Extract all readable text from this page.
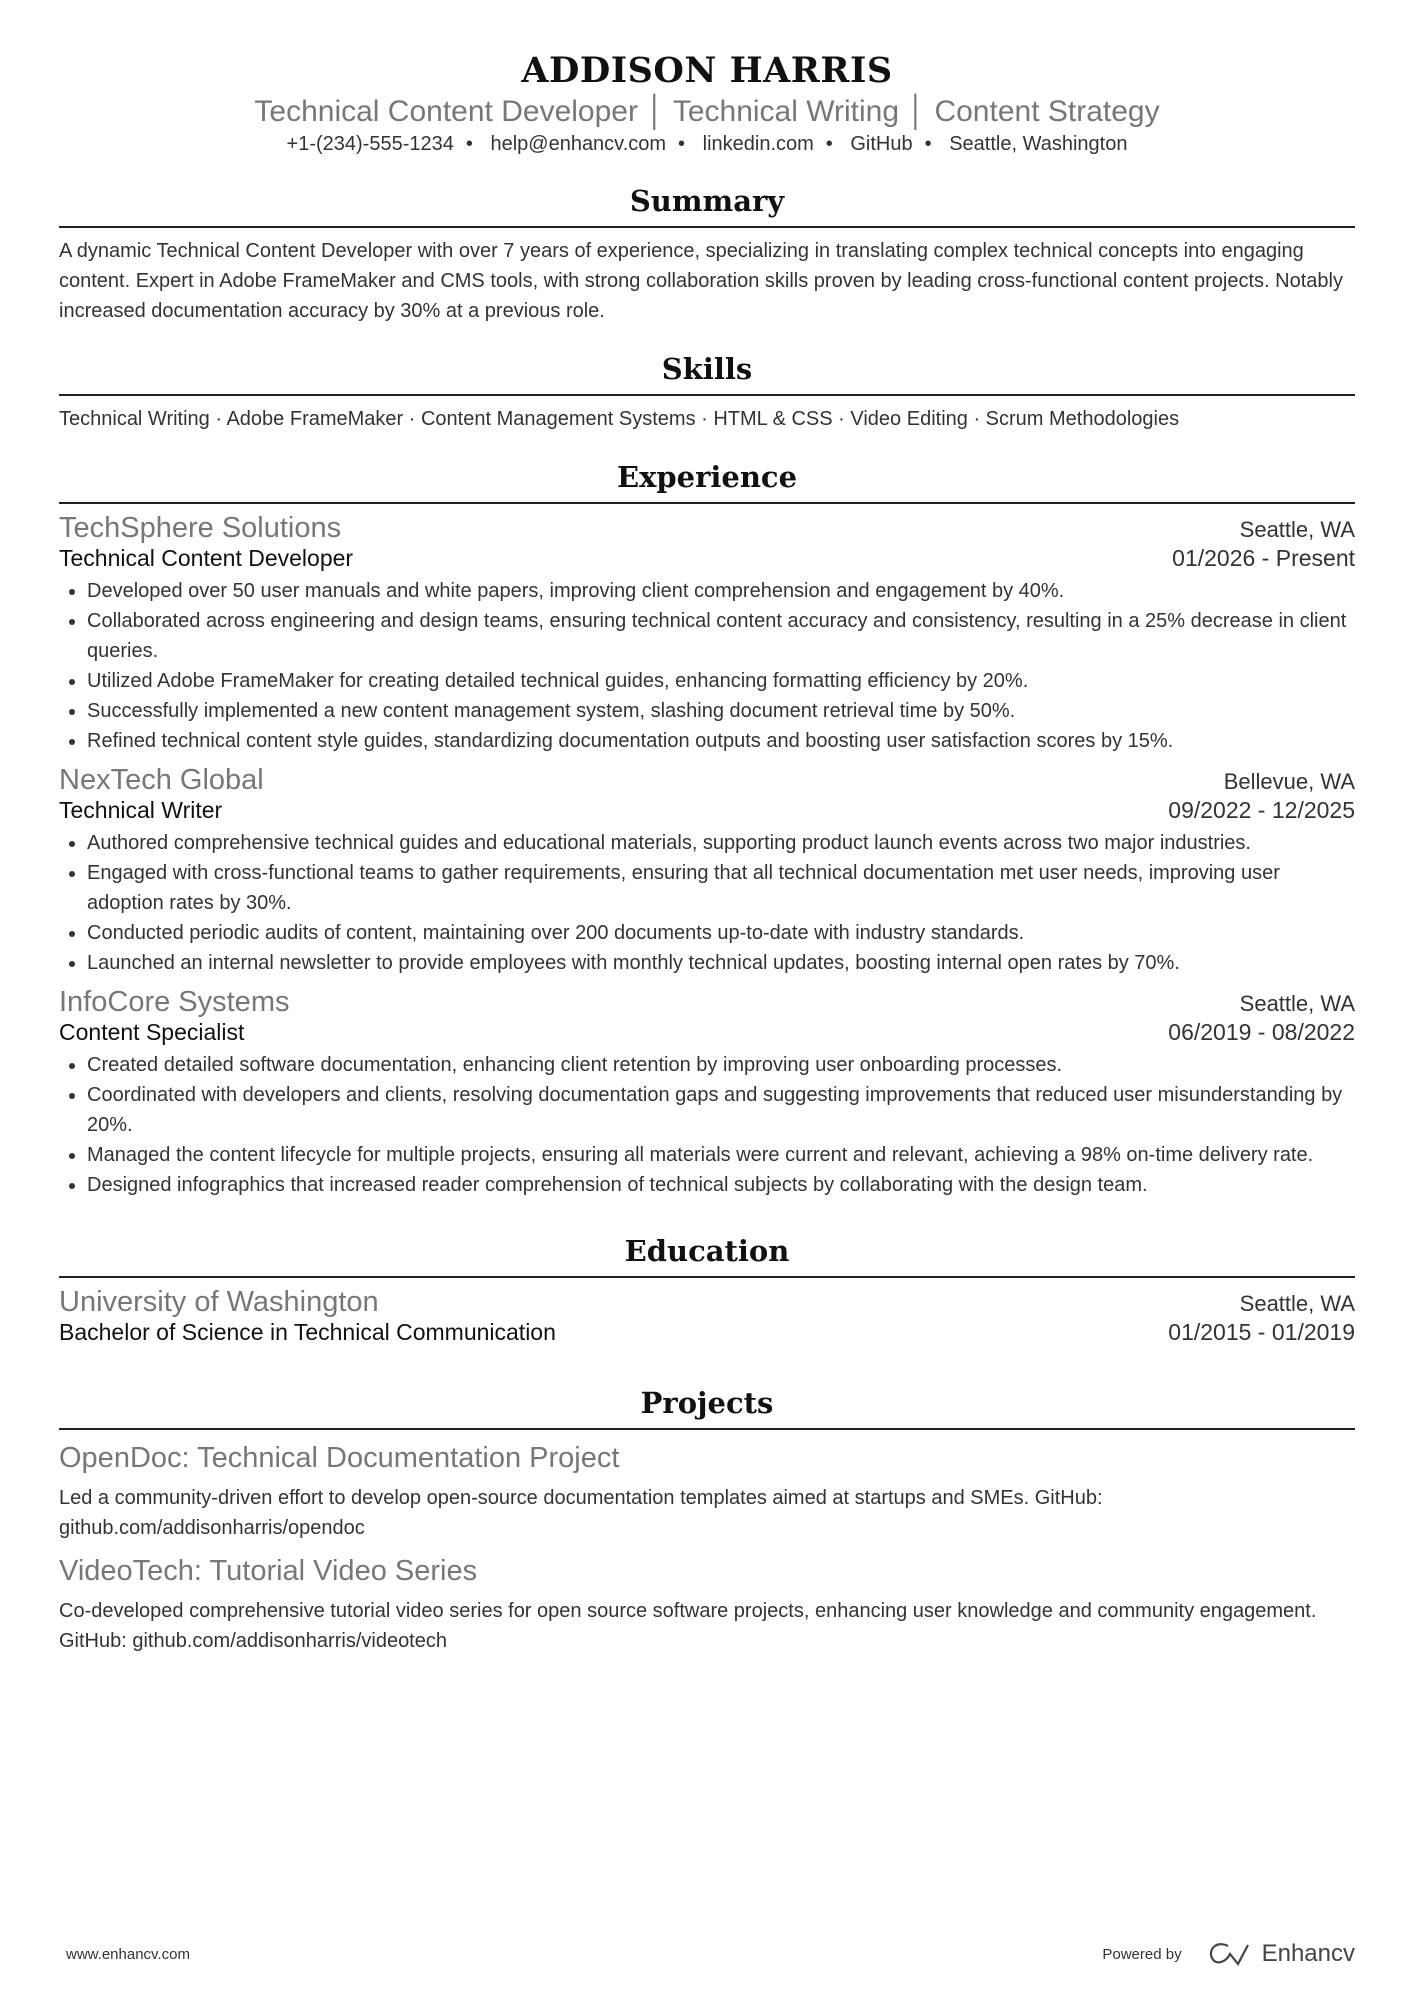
ADDISON HARRIS
Technical Content Developer │ Technical Writing │ Content Strategy
+1-(234)-555-1234 • help@enhancv.com • linkedin.com • GitHub • Seattle, Washington
Summary
A dynamic Technical Content Developer with over 7 years of experience, specializing in translating complex technical concepts into engaging content. Expert in Adobe FrameMaker and CMS tools, with strong collaboration skills proven by leading cross-functional content projects. Notably increased documentation accuracy by 30% at a previous role.
Skills
Technical Writing · Adobe FrameMaker · Content Management Systems · HTML & CSS · Video Editing · Scrum Methodologies
Experience
TechSphere Solutions	Seattle, WA
Technical Content Developer	01/2026 - Present
• Developed over 50 user manuals and white papers, improving client comprehension and engagement by 40%.
• Collaborated across engineering and design teams, ensuring technical content accuracy and consistency, resulting in a 25% decrease in client queries.
• Utilized Adobe FrameMaker for creating detailed technical guides, enhancing formatting efficiency by 20%.
• Successfully implemented a new content management system, slashing document retrieval time by 50%.
• Refined technical content style guides, standardizing documentation outputs and boosting user satisfaction scores by 15%.
NexTech Global	Bellevue, WA
Technical Writer	09/2022 - 12/2025
• Authored comprehensive technical guides and educational materials, supporting product launch events across two major industries.
• Engaged with cross-functional teams to gather requirements, ensuring that all technical documentation met user needs, improving user adoption rates by 30%.
• Conducted periodic audits of content, maintaining over 200 documents up-to-date with industry standards.
• Launched an internal newsletter to provide employees with monthly technical updates, boosting internal open rates by 70%.
InfoCore Systems	Seattle, WA
Content Specialist	06/2019 - 08/2022
• Created detailed software documentation, enhancing client retention by improving user onboarding processes.
• Coordinated with developers and clients, resolving documentation gaps and suggesting improvements that reduced user misunderstanding by 20%.
• Managed the content lifecycle for multiple projects, ensuring all materials were current and relevant, achieving a 98% on-time delivery rate.
• Designed infographics that increased reader comprehension of technical subjects by collaborating with the design team.
Education
University of Washington	Seattle, WA
Bachelor of Science in Technical Communication	01/2015 - 01/2019
Projects
OpenDoc: Technical Documentation Project
Led a community-driven effort to develop open-source documentation templates aimed at startups and SMEs. GitHub: github.com/addisonharris/opendoc
VideoTech: Tutorial Video Series
Co-developed comprehensive tutorial video series for open source software projects, enhancing user knowledge and community engagement. GitHub: github.com/addisonharris/videotech
www.enhancv.com	Powered by	Enhancv
